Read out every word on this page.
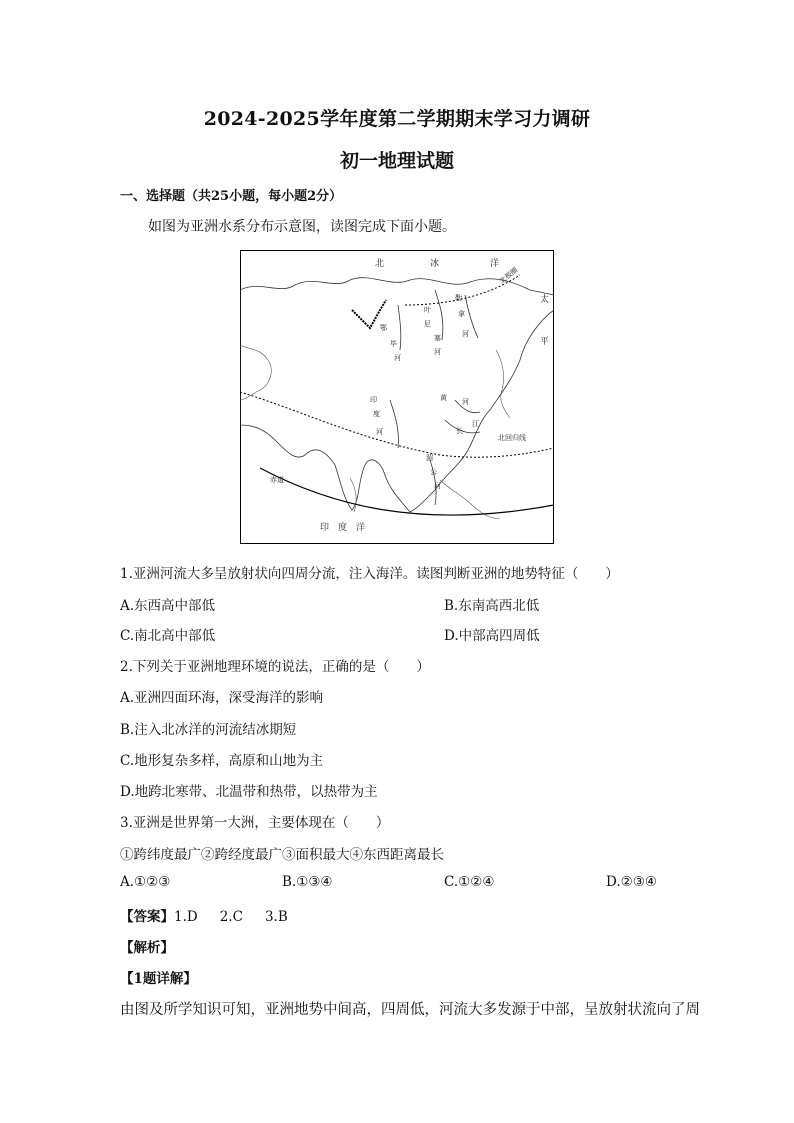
2024-2025学年度第二学期期末学习力调研
初一地理试题
一、选择题（共25小题，每小题2分）
如图为亚洲水系分布示意图，读图完成下面小题。
北	冰	洋
北极圈
太
平
叶
尼
塞
河
勒
拿
河
鄂
毕
河
印
度
河
黄 河
长
江
北回归线
湄
公
河
赤道
印　度　洋
1.亚洲河流大多呈放射状向四周分流，注入海洋。读图判断亚洲的地势特征（　　）
A.东西高中部低	B.东南高西北低
C.南北高中部低	D.中部高四周低
2.下列关于亚洲地理环境的说法，正确的是（　　）
A.亚洲四面环海，深受海洋的影响
B.注入北冰洋的河流结冰期短
C.地形复杂多样，高原和山地为主
D.地跨北寒带、北温带和热带，以热带为主
3.亚洲是世界第一大洲，主要体现在（　　）
①跨纬度最广②跨经度最广③面积最大④东西距离最长
A.①②③	B.①③④	C.①②④	D.②③④
【答案】1.D 2.C 3.B
【解析】
【1题详解】
由图及所学知识可知，亚洲地势中间高，四周低，河流大多发源于中部，呈放射状流向了周
